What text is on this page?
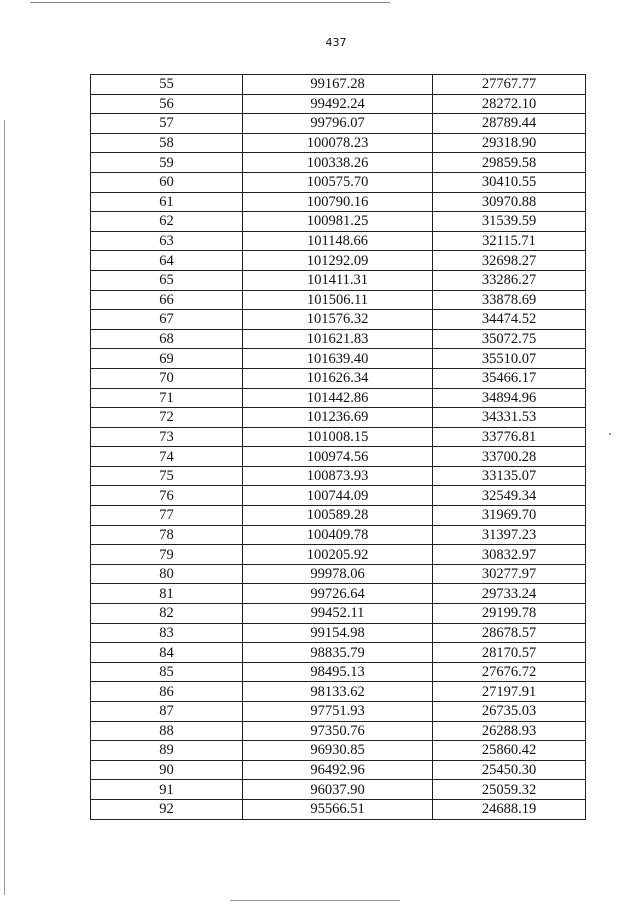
437
55	99167.28	27767.77
56	99492.24	28272.10
57	99796.07	28789.44
58	100078.23	29318.90
59	100338.26	29859.58
60	100575.70	30410.55
61	100790.16	30970.88
62	100981.25	31539.59
63	101148.66	32115.71
64	101292.09	32698.27
65	101411.31	33286.27
66	101506.11	33878.69
67	101576.32	34474.52
68	101621.83	35072.75
69	101639.40	35510.07
70	101626.34	35466.17
71	101442.86	34894.96
72	101236.69	34331.53
73	101008.15	33776.81
74	100974.56	33700.28
75	100873.93	33135.07
76	100744.09	32549.34
77	100589.28	31969.70
78	100409.78	31397.23
79	100205.92	30832.97
80	99978.06	30277.97
81	99726.64	29733.24
82	99452.11	29199.78
83	99154.98	28678.57
84	98835.79	28170.57
85	98495.13	27676.72
86	98133.62	27197.91
87	97751.93	26735.03
88	97350.76	26288.93
89	96930.85	25860.42
90	96492.96	25450.30
91	96037.90	25059.32
92	95566.51	24688.19
